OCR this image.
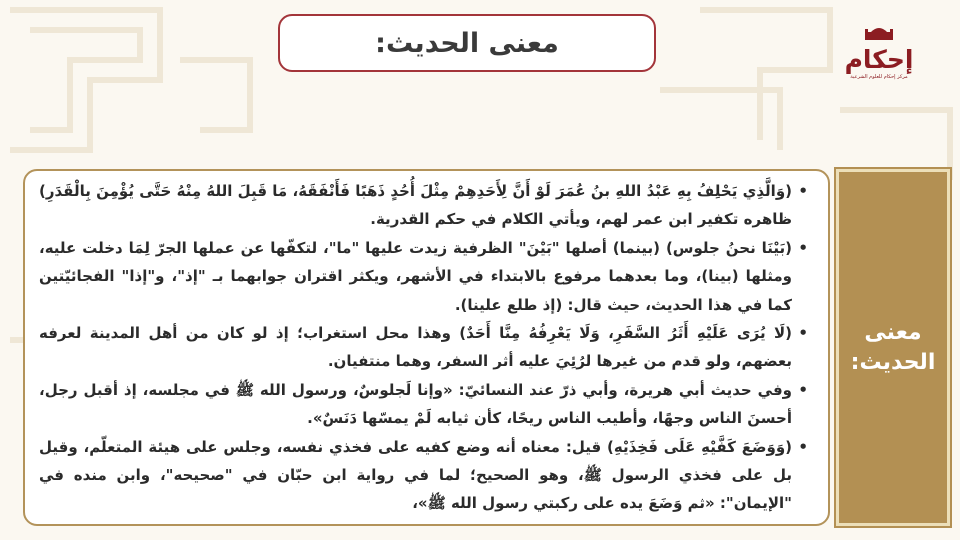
معنى الحديث:
إحكام
مركز إحكام للعلوم الشرعية
معنى
الحديث:
•
(وَالَّذِي يَحْلِفُ بِهِ عَبْدُ اللهِ بنُ عُمَرَ لَوْ أَنَّ لِأَحَدِهِمْ مِثْلَ أُحُدٍ ذَهَبًا فَأَنْفَقَهُ، مَا قَبِلَ اللهُ مِنْهُ حَتَّى يُؤْمِنَ بِالْقَدَرِ) ظاهره تكفير ابن عمر لهم، ويأتي الكلام في حكم القدرية.
•
(بَيْنَا نحنُ جلوس) (بينما) أصلها "بَيْنَ" الظرفية زيدت عليها "ما"، لتكفّها عن عملها الجرّ لِمَا دخلت عليه، ومثلها (بينا)، وما بعدهما مرفوع بالابتداء في الأشهر، ويكثر اقتران جوابهما بـ "إذ"، و"إذا" الفجائيّتين كما في هذا الحديث، حيث قال: (إذ طلع علينا).
•
(لَا يُرَى عَلَيْهِ أَثَرُ السَّفَرِ، وَلَا يَعْرِفُهُ مِنَّا أَحَدٌ) وهذا محل استغراب؛ إذ لو كان من أهل المدينة لعرفه بعضهم، ولو قدم من غيرها لرُئِيَ عليه أثر السفر، وهما منتفيان.
•
وفي حديث أبي هريرة، وأبي ذرّ عند النسائيّ: «وإنا لَجلوسٌ، ورسول الله ﷺ في مجلسه، إذ أقبل رجل، أحسنَ الناس وجهًا، وأطيب الناس ريحًا، كأن ثيابه لَمْ يمسّها دَنَسٌ».
•
(وَوَضَعَ كَفَّيْهِ عَلَى فَخِذَيْهِ) قيل: معناه أنه وضع كفيه على فخذي نفسه، وجلس على هيئة المتعلّم، وقيل بل على فخذي الرسول ﷺ، وهو الصحيح؛ لما في رواية ابن حبّان في "صحيحه"، وابن منده في "الإيمان": «ثم وَضَعَ يده على ركبتي رسول الله ﷺ»،
